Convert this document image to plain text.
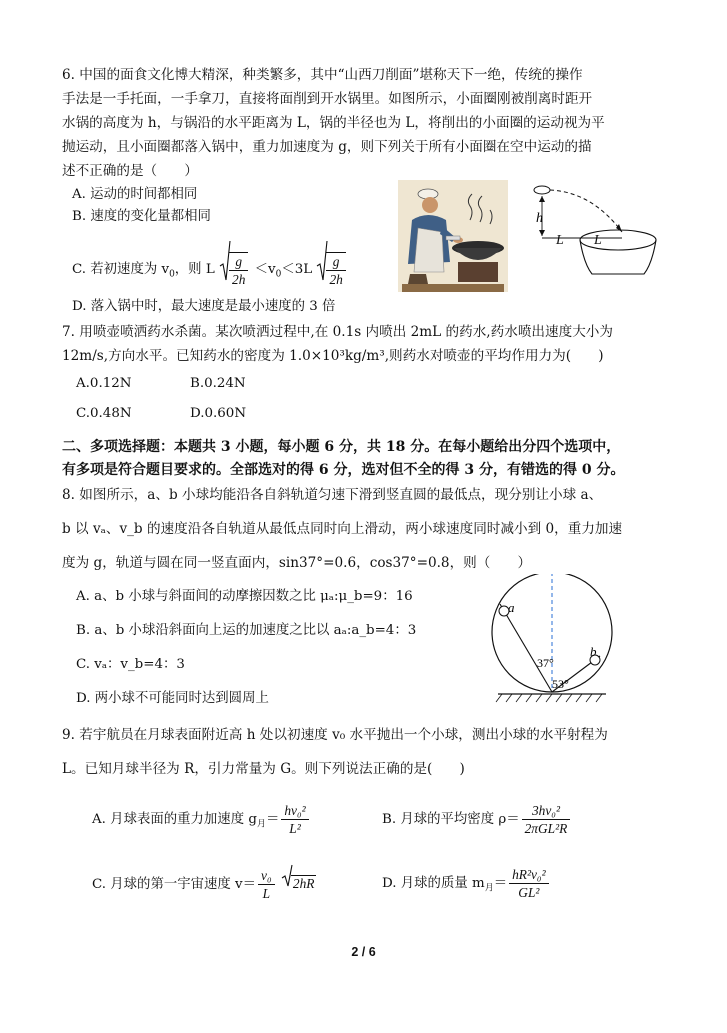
6. 中国的面食文化博大精深，种类繁多，其中“山西刀削面”堪称天下一绝，传统的操作
手法是一手托面，一手拿刀，直接将面削到开水锅里。如图所示，小面圈刚被削离时距开
水锅的高度为 h，与锅沿的水平距离为 L，锅的半径也为 L，将削出的小面圈的运动视为平
抛运动，且小面圈都落入锅中，重力加速度为 g，则下列关于所有小面圈在空中运动的描
述不正确的是（　　）
A. 运动的时间都相同
B. 速度的变化量都相同
C. 若初速度为 $v_0$，则 L $\frac{g}{2h} <v_0<3L \frac{g}{2h}$
D. 落入锅中时，最大速度是最小速度的 3 倍
h
L L
7. 用喷壶喷洒药水杀菌。某次喷洒过程中,在 0.1s 内喷出 2mL 的药水,药水喷出速度大小为
12m/s,方向水平。已知药水的密度为 1.0×10³kg/m³,则药水对喷壶的平均作用力为(　　)
A.0.12N	B.0.24N
C.0.48N	D.0.60N
二、多项选择题：本题共 3 小题，每小题 6 分，共 18 分。在每小题给出分四个选项中，
有多项是符合题目要求的。全部选对的得 6 分，选对但不全的得 3 分，有错选的得 0 分。
8. 如图所示，a、b 小球均能沿各自斜轨道匀速下滑到竖直圆的最低点，现分别让小球 a、
b 以 vₐ、v_b 的速度沿各自轨道从最低点同时向上滑动，两小球速度同时减小到 0，重力加速
度为 g，轨道与圆在同一竖直面内，sin37°=0.6，cos37°=0.8，则（　　）
A. a、b 小球与斜面间的动摩擦因数之比 μₐ:μ_b=9：16
B. a、b 小球沿斜面向上运的加速度之比以 aₐ:a_b=4：3
C. vₐ：v_b=4：3
D. 两小球不可能同时达到圆周上
a
b
37°
53°
9. 若宇航员在月球表面附近高 h 处以初速度 v₀ 水平抛出一个小球，测出小球的水平射程为
L。已知月球半径为 R，引力常量为 G。则下列说法正确的是(　　)
A. 月球表面的重力加速度 $g_月= \frac{\text{hv₀²}}{\text{L²}}$	B. 月球的平均密度 $\rho= \frac{\text{3hv₀²}}{\text{2πGL²R}}$
C. 月球的第一宇宙速度 $v= \frac{\text{v₀}}{L} 2hR$	D. 月球的质量 $m_月= \frac{\text{hR²v₀²}}{\text{GL²}}$
2 / 6
